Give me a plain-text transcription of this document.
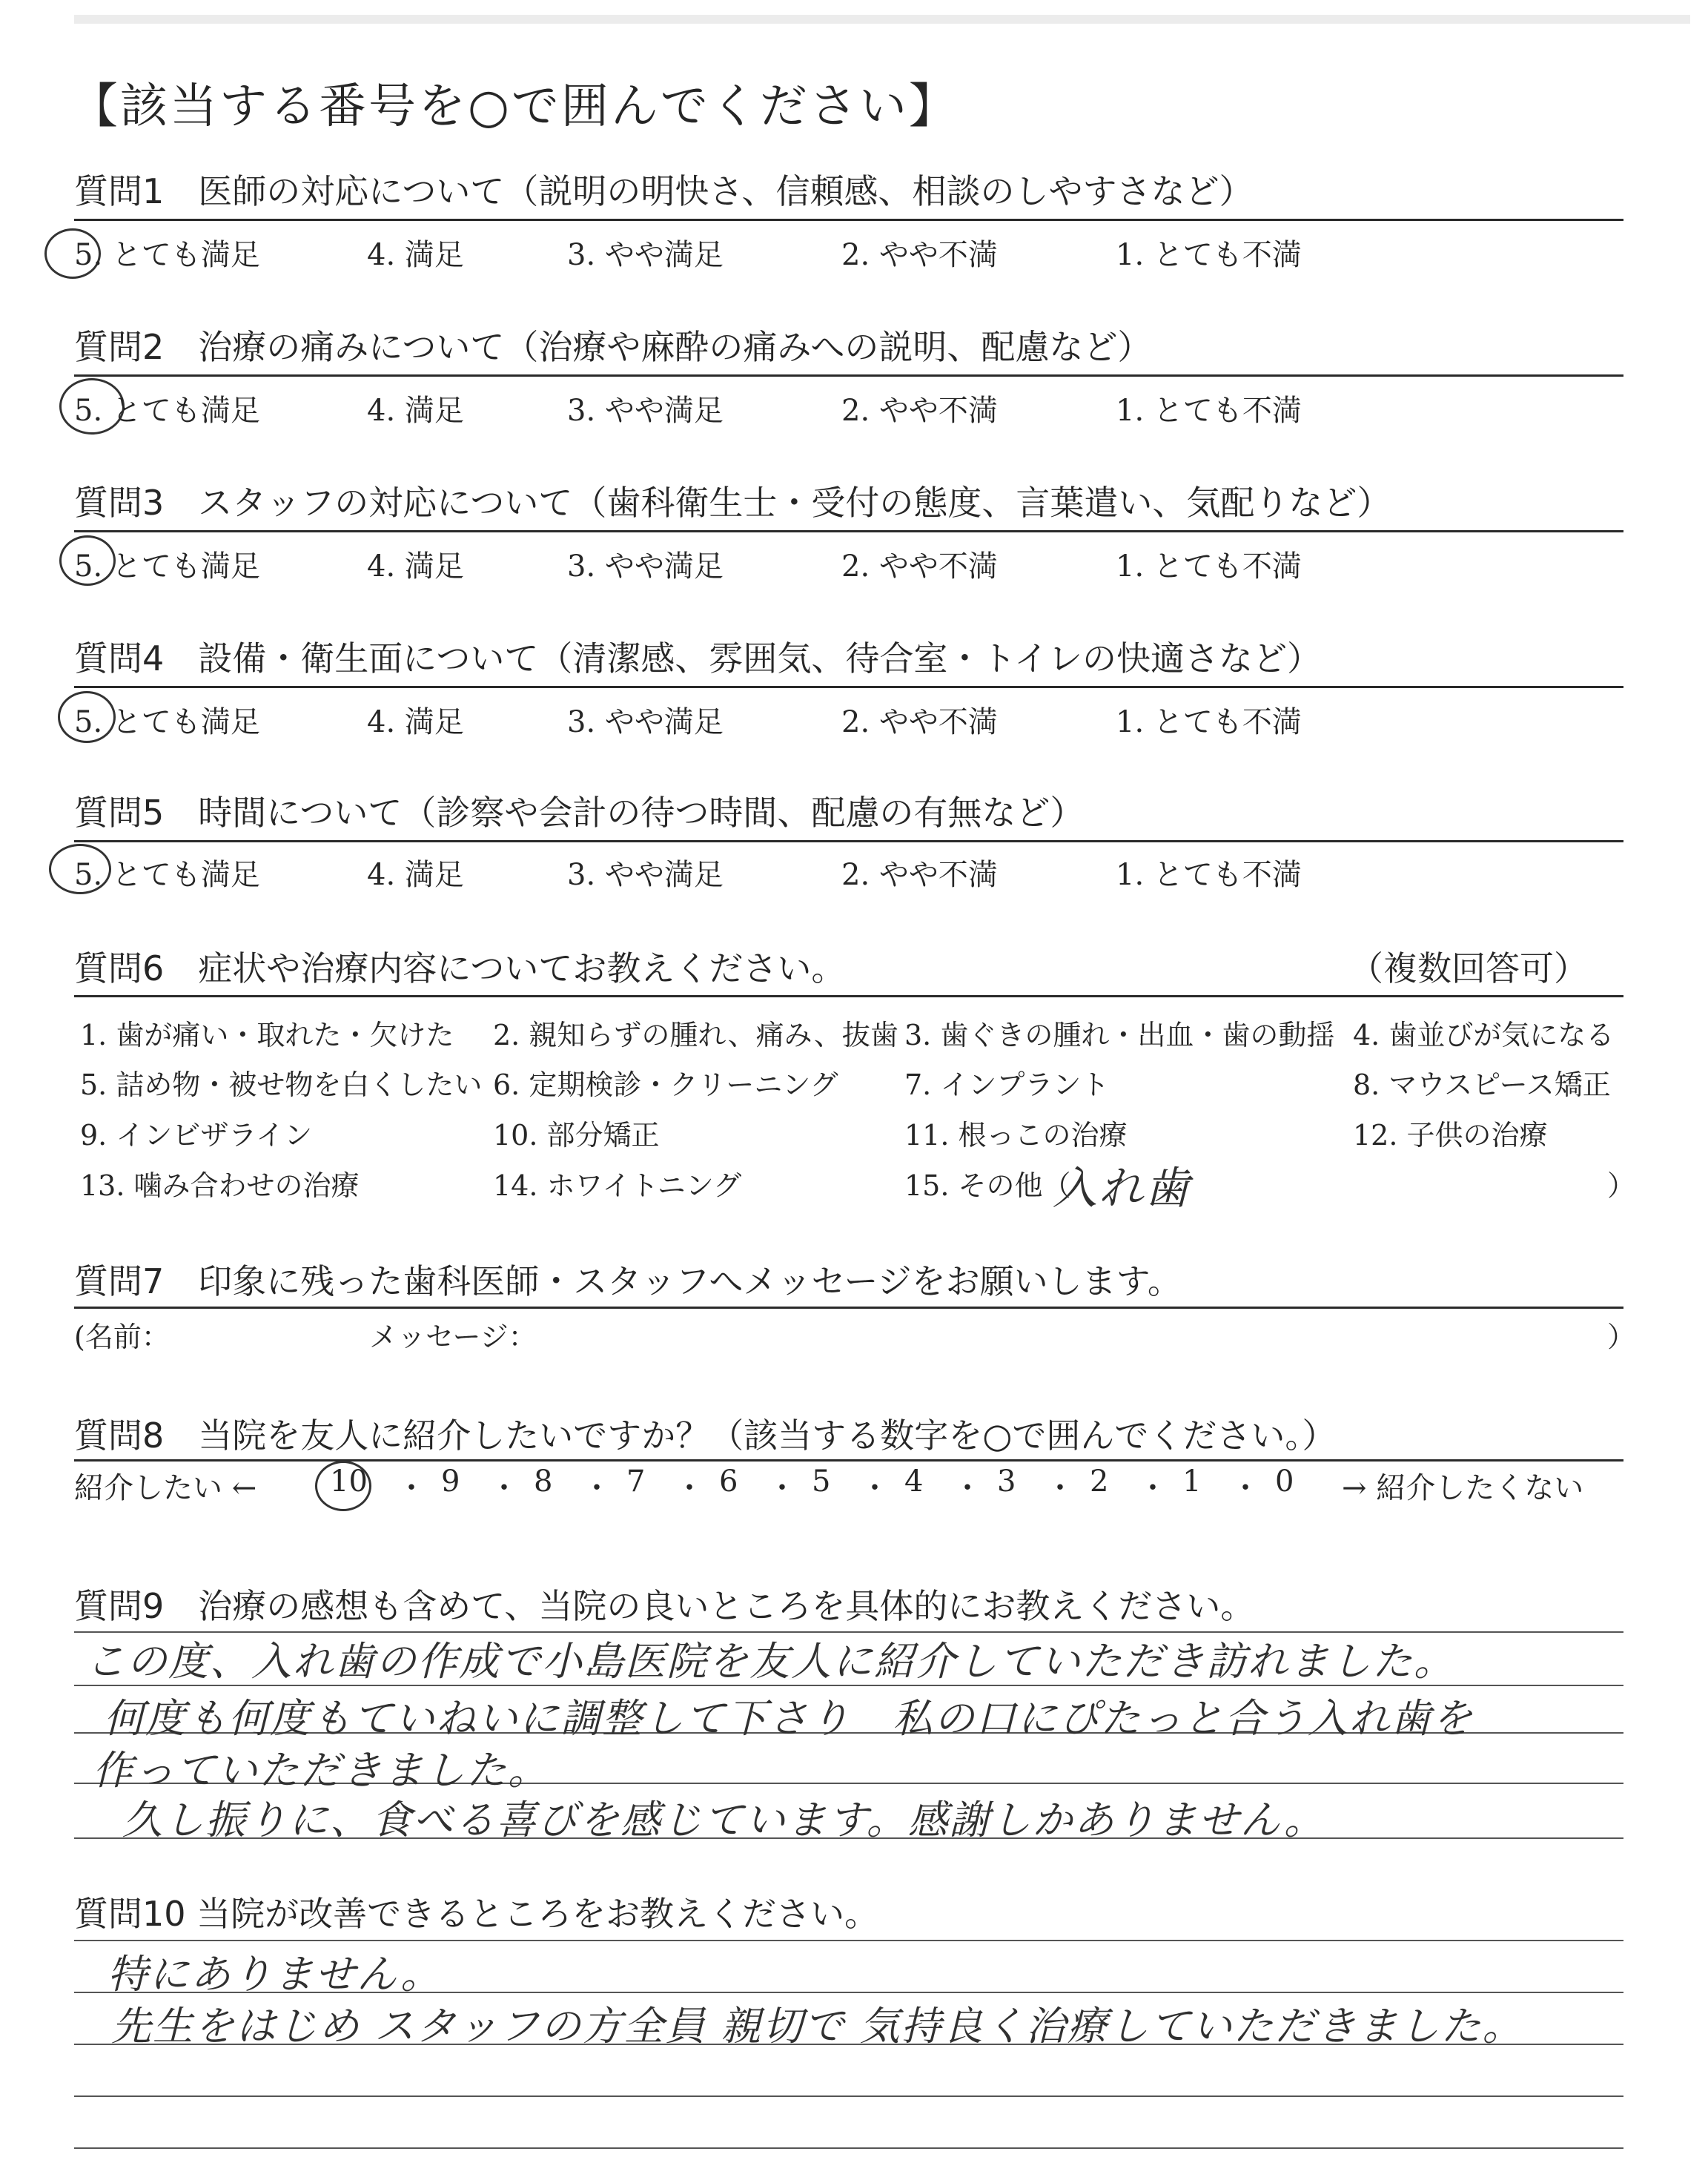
【該当する番号を○で囲んでください】
質問1　医師の対応について（説明の明快さ、信頼感、相談のしやすさなど）
5. とても満足	4. 満足	3. やや満足	2. やや不満	1. とても不満
質問2　治療の痛みについて（治療や麻酔の痛みへの説明、配慮など）
5. とても満足	4. 満足	3. やや満足	2. やや不満	1. とても不満
質問3　スタッフの対応について（歯科衛生士・受付の態度、言葉遣い、気配りなど）
5. とても満足	4. 満足	3. やや満足	2. やや不満	1. とても不満
質問4　設備・衛生面について（清潔感、雰囲気、待合室・トイレの快適さなど）
5. とても満足	4. 満足	3. やや満足	2. やや不満	1. とても不満
質問5　時間について（診察や会計の待つ時間、配慮の有無など）
5. とても満足	4. 満足	3. やや満足	2. やや不満	1. とても不満
質問6　症状や治療内容についてお教えください。	（複数回答可）
1. 歯が痛い・取れた・欠けた 2. 親知らずの腫れ、痛み、抜歯 3. 歯ぐきの腫れ・出血・歯の動揺 4. 歯並びが気になる
5. 詰め物・被せ物を白くしたい 6. 定期検診・クリーニング 7. インプラント	8. マウスピース矯正
9. インビザライン	10. 部分矯正	11. 根っこの治療	12. 子供の治療
13. 噛み合わせの治療	14. ホワイトニング	15. その他（
入れ歯	）
質問7　印象に残った歯科医師・スタッフへメッセージをお願いします。
(名前：	メッセージ：	）
質問8　当院を友人に紹介したいですか？（該当する数字を○で囲んでください。）
紹介したい ← 10 ・ 9 ・ 8 ・ 7 ・ 6 ・ 5 ・ 4 ・ 3 ・ 2 ・ 1 ・ 0 → 紹介したくない
質問9　治療の感想も含めて、当院の良いところを具体的にお教えください。
この度、入れ歯の作成で小島医院を友人に紹介していただき訪れました。
何度も何度もていねいに調整して下さり　私の口にぴたっと合う入れ歯を
作っていただきました。
久し振りに、食べる喜びを感じています。感謝しかありません。
質問10 当院が改善できるところをお教えください。
特にありません。
先生をはじめ スタッフの方全員 親切で 気持良く治療していただきました。
